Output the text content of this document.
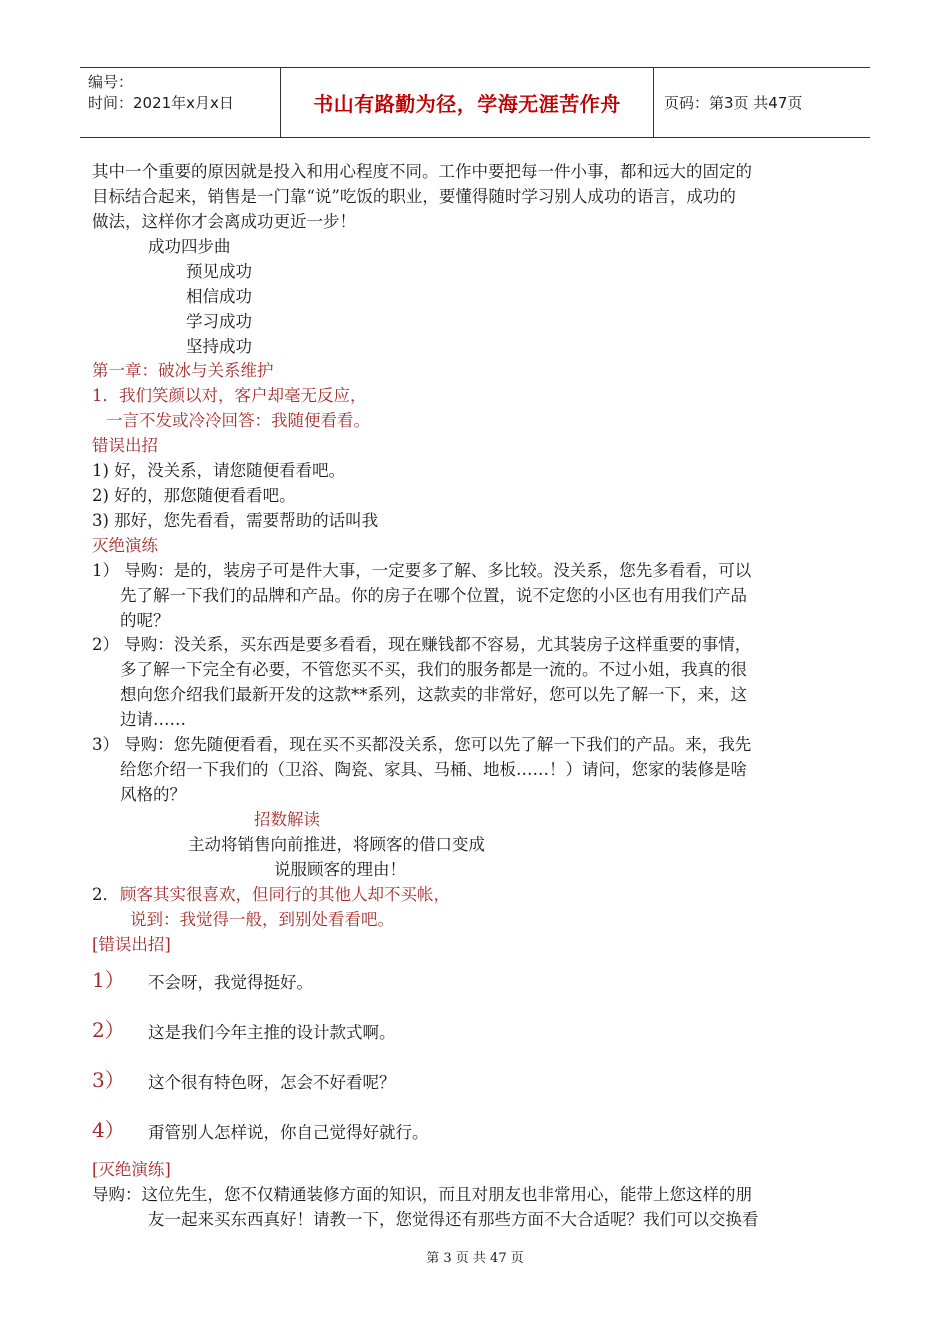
编号：
时间：2021年x月x日	书山有路勤为径，学海无涯苦作舟	页码：第3页 共47页
其中一个重要的原因就是投入和用心程度不同。工作中要把每一件小事，都和远大的固定的
目标结合起来，销售是一门靠“说”吃饭的职业，要懂得随时学习别人成功的语言，成功的
做法，这样你才会离成功更近一步！
成功四步曲
预见成功
相信成功
学习成功
坚持成功
第一章：破冰与关系维护
1．我们笑颜以对，客户却毫无反应，
一言不发或冷冷回答：我随便看看。
错误出招
1) 好，没关系，请您随便看看吧。
2) 好的，那您随便看看吧。
3) 那好，您先看看，需要帮助的话叫我
灭绝演练
1） 导购：是的，装房子可是件大事，一定要多了解、多比较。没关系，您先多看看，可以
先了解一下我们的品牌和产品。你的房子在哪个位置，说不定您的小区也有用我们产品
的呢？
2） 导购：没关系，买东西是要多看看，现在赚钱都不容易，尤其装房子这样重要的事情，
多了解一下完全有必要，不管您买不买，我们的服务都是一流的。不过小姐，我真的很
想向您介绍我们最新开发的这款**系列，这款卖的非常好，您可以先了解一下，来，这
边请……
3） 导购：您先随便看看，现在买不买都没关系，您可以先了解一下我们的产品。来，我先
给您介绍一下我们的（卫浴、陶瓷、家具、马桶、地板……！）请问，您家的装修是啥
风格的？
招数解读
主动将销售向前推进，将顾客的借口变成
说服顾客的理由！
2． 顾客其实很喜欢，但同行的其他人却不买帐，
说到：我觉得一般，到别处看看吧。
[错误出招]
1） 不会呀，我觉得挺好。
2） 这是我们今年主推的设计款式啊。
3） 这个很有特色呀，怎会不好看呢？
4） 甭管别人怎样说，你自己觉得好就行。
[灭绝演练]
导购：这位先生，您不仅精通装修方面的知识，而且对朋友也非常用心，能带上您这样的朋
友一起来买东西真好！请教一下，您觉得还有那些方面不大合适呢？我们可以交换看
第 3 页 共 47 页
